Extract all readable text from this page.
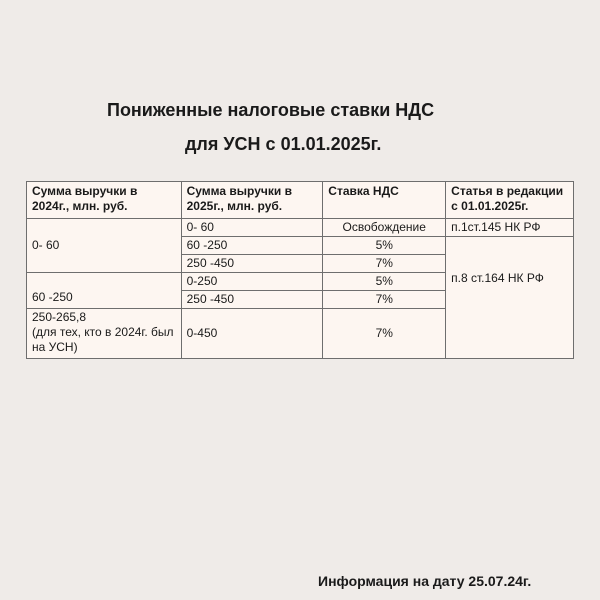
Пониженные налоговые ставки НДС
для УСН с 01.01.2025г.
Сумма выручки в 2024г., млн. руб.	Сумма выручки в 2025г., млн. руб.	Ставка НДС	Статья в редакции с 01.01.2025г.
0- 60	0- 60	Освобождение	п.1ст.145 НК РФ
	60 -250	5%	п.8 ст.164 НК РФ
	250 -450	7%	
60 -250	0-250	5%	
	250 -450	7%	
250-265,8
(для тех, кто в 2024г. был на УСН)	0-450	7%	
Информация на дату 25.07.24г.
